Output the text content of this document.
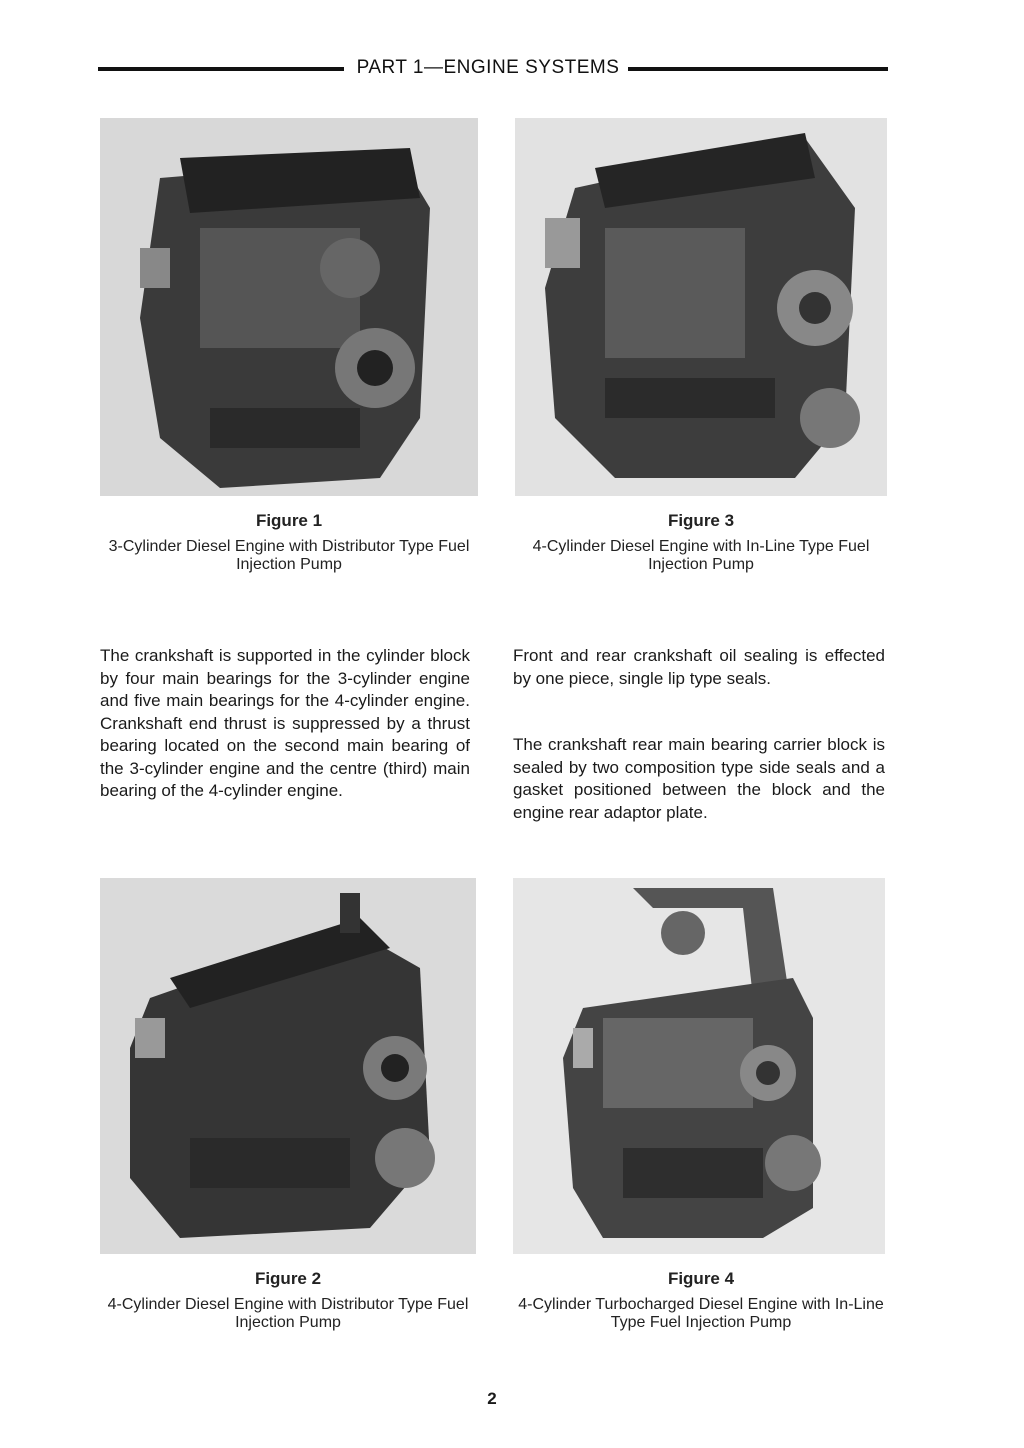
PART 1—ENGINE SYSTEMS
Figure 1
3-Cylinder Diesel Engine with Distributor Type Fuel Injection Pump
Figure 3
4-Cylinder Diesel Engine with In-Line Type Fuel Injection Pump
The crankshaft is supported in the cylinder block by four main bearings for the 3-cylinder engine and five main bearings for the 4-cylinder engine. Crankshaft end thrust is suppressed by a thrust bearing located on the second main bearing of the 3-cylinder engine and the centre (third) main bearing of the 4-cylinder engine.
Front and rear crankshaft oil sealing is effected by one piece, single lip type seals.
The crankshaft rear main bearing carrier block is sealed by two composition type side seals and a gasket positioned between the block and the engine rear adaptor plate.
Figure 2
4-Cylinder Diesel Engine with Distributor Type Fuel Injection Pump
Figure 4
4-Cylinder Turbocharged Diesel Engine with In-Line Type Fuel Injection Pump
2
